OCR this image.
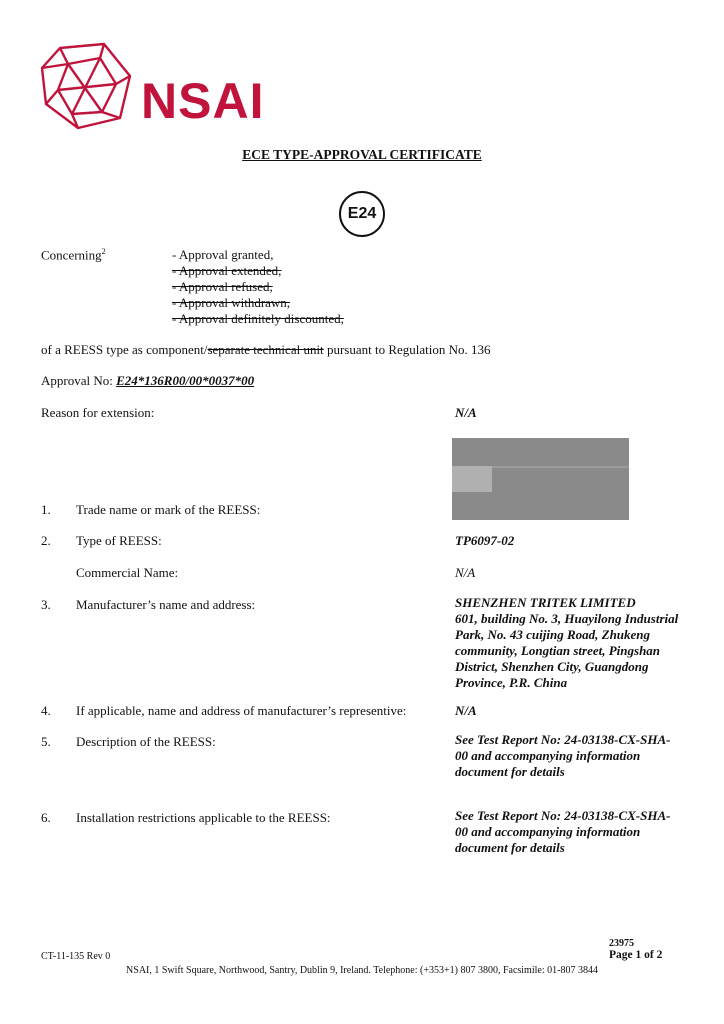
NSAI
ECE TYPE-APPROVAL CERTIFICATE
E24
Concerning$^2$	- Approval granted,
- Approval extended,
- Approval refused,
- Approval withdrawn,
- Approval definitely discounted,
of a REESS type as component/separate technical unit pursuant to Regulation No. 136
Approval No: E24*136R00/00*0037*00
Reason for extension:	N/A
1. Trade name or mark of the REESS:
2. Type of REESS:	TP6097-02
Commercial Name:	N/A
3. Manufacturer’s name and address:	SHENZHEN TRITEK LIMITED
601, building No. 3, Huayilong Industrial Park, No. 43 cuijing Road, Zhukeng community, Longtian street, Pingshan District, Shenzhen City, Guangdong Province, P.R. China
4. If applicable, name and address of manufacturer’s representive:	N/A
5. Description of the REESS:	See Test Report No: 24-03138-CX-SHA-00 and accompanying information document for details
6. Installation restrictions applicable to the REESS:	See Test Report No: 24-03138-CX-SHA-00 and accompanying information document for details
23975
CT-11-135 Rev 0	Page 1 of 2
NSAI, 1 Swift Square, Northwood, Santry, Dublin 9, Ireland. Telephone: (+353+1) 807 3800, Facsimile: 01-807 3844
